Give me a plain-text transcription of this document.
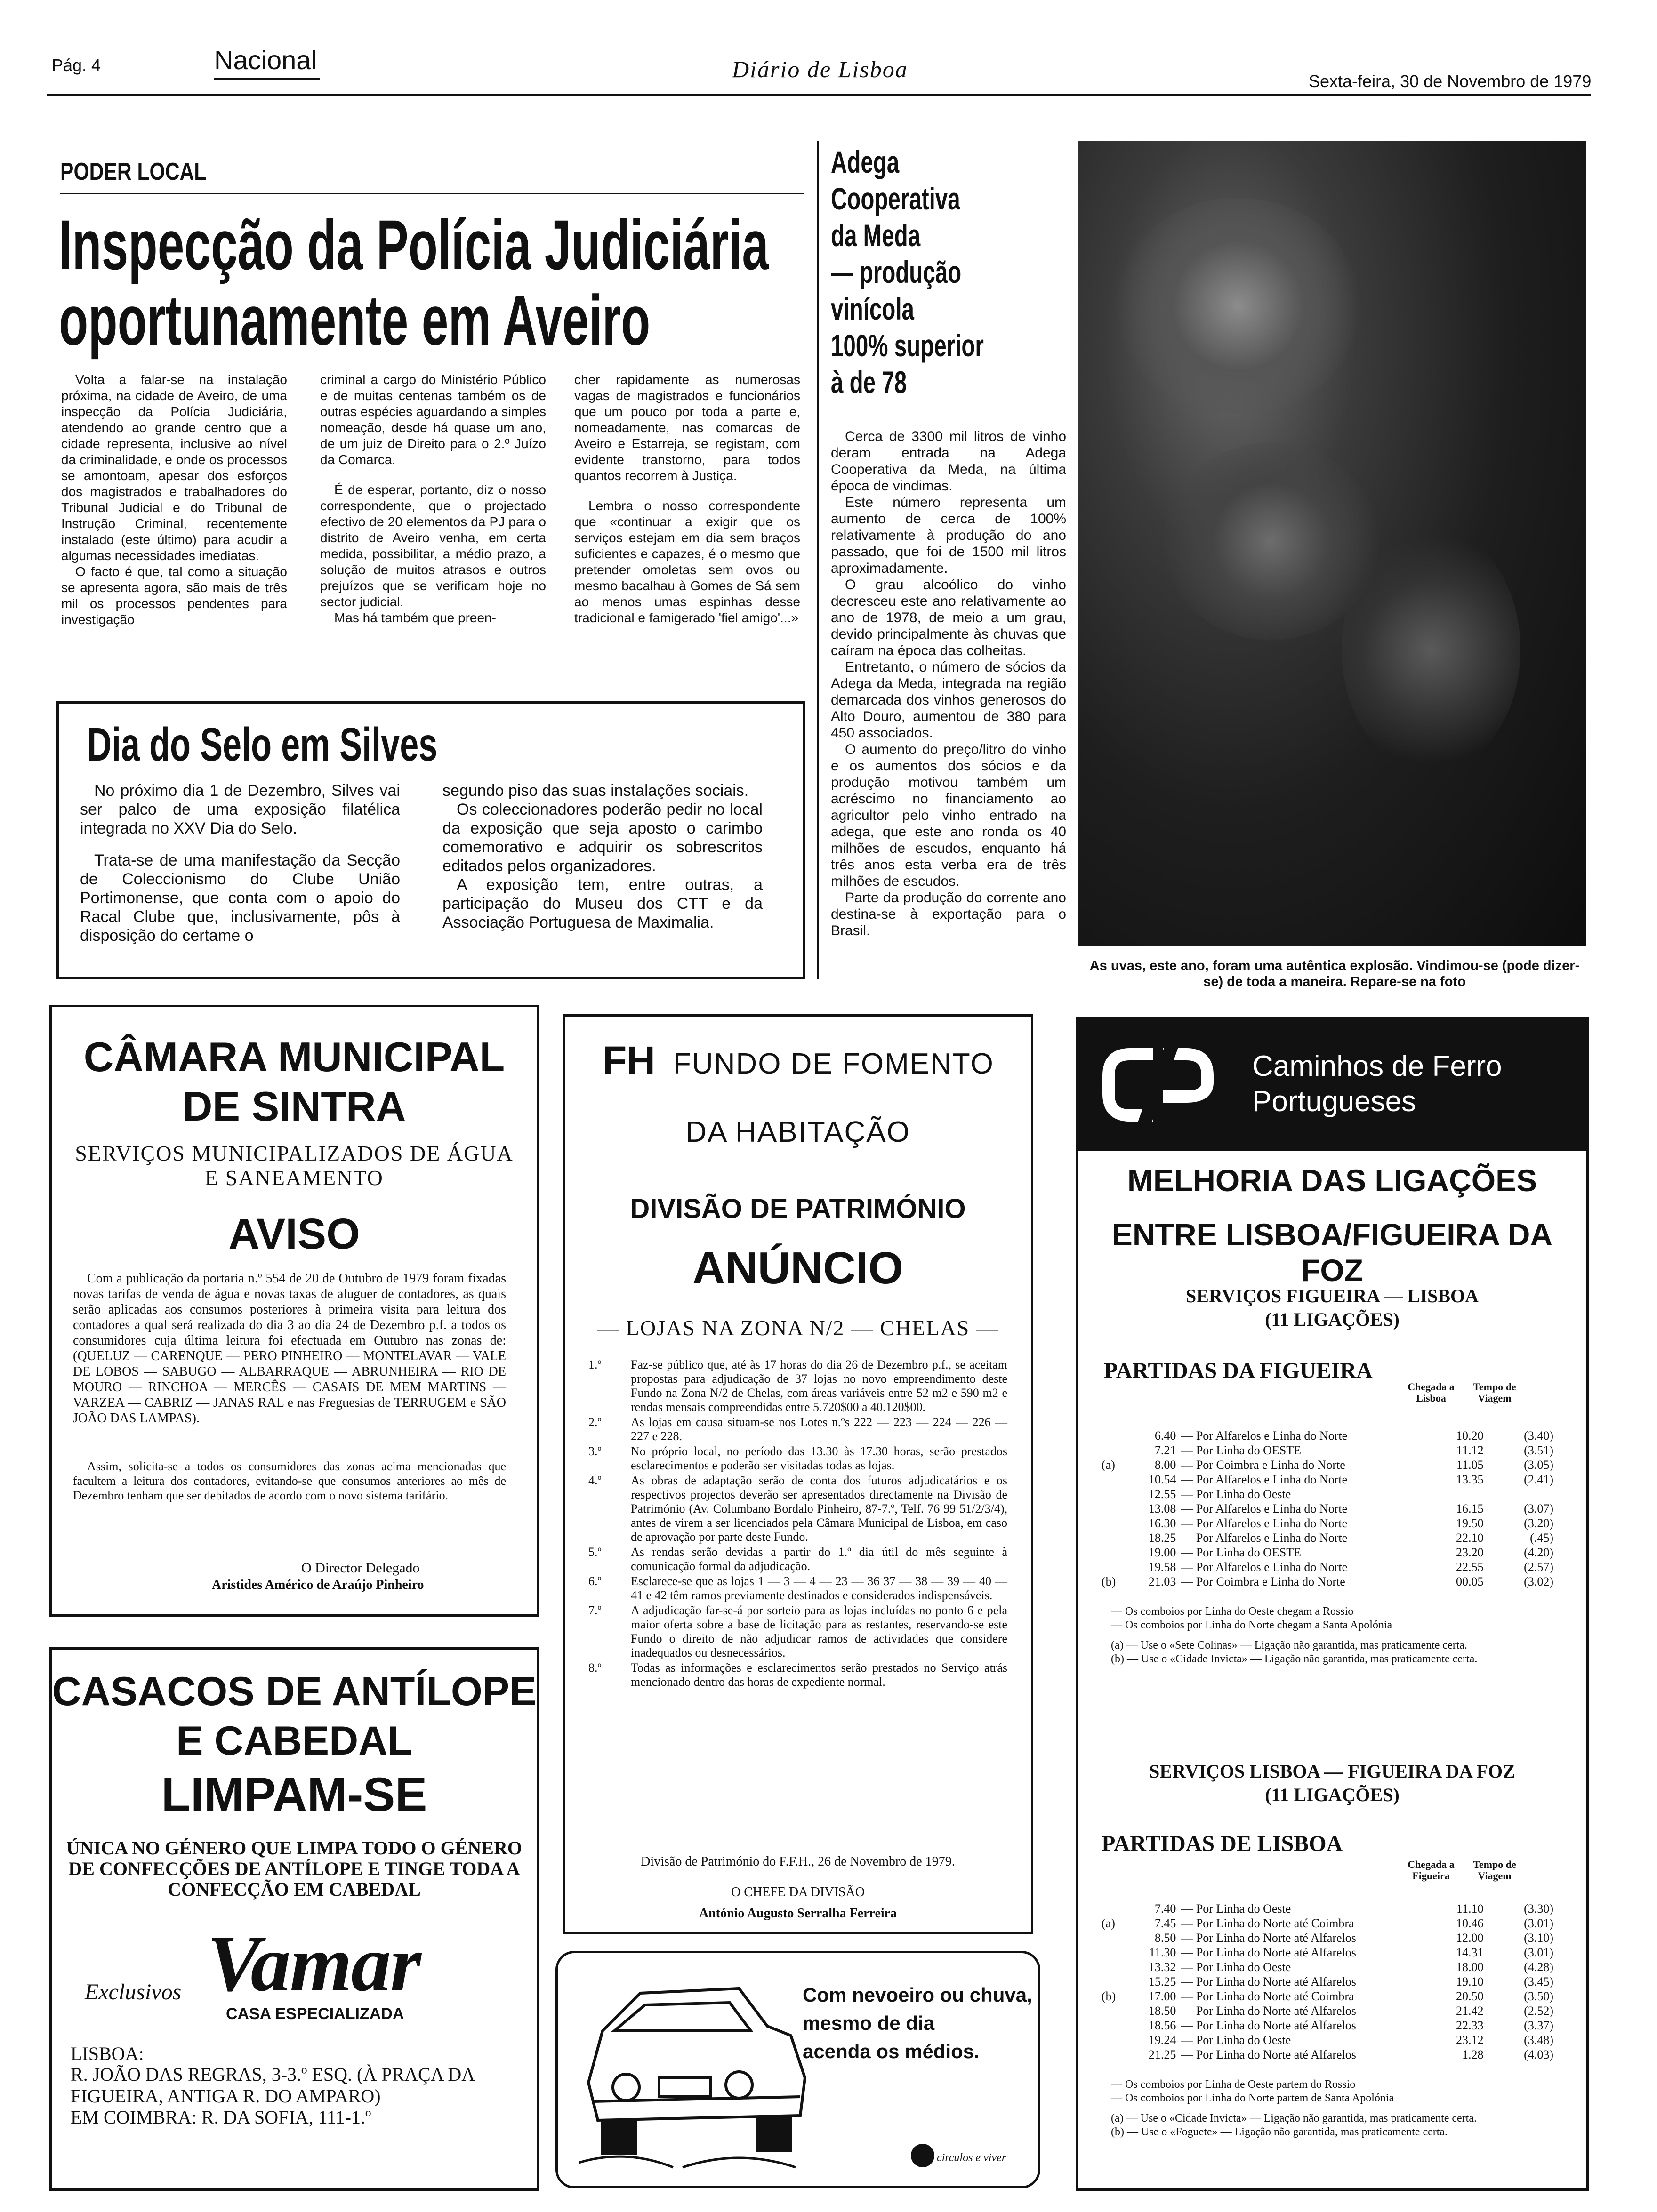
Pág. 4	Nacional	Diário de Lisboa	Sexta-feira, 30 de Novembro de 1979
PODER LOCAL
Inspecção da Polícia Judiciária
oportunamente em Aveiro

Volta a falar-se na instalação próxima, na cidade de Aveiro, de uma inspecção da Polícia Judiciária, atendendo ao grande centro que a cidade representa, inclusive ao nível da criminalidade, e onde os processos se amontoam, apesar dos esforços dos magistrados e trabalhadores do Tribunal Judicial e do Tribunal de Instrução Criminal, recentemente instalado (este último) para acudir a algumas necessidades imediatas.

O facto é que, tal como a situação se apresenta agora, são mais de três mil os processos pendentes para investigação

criminal a cargo do Ministério Público e de muitas centenas também os de outras espécies aguardando a simples nomeação, desde há quase um ano, de um juiz de Direito para o 2.º Juízo da Comarca.

É de esperar, portanto, diz o nosso correspondente, que o projectado efectivo de 20 elementos da PJ para o distrito de Aveiro venha, em certa medida, possibilitar, a médio prazo, a solução de muitos atrasos e outros prejuízos que se verificam hoje no sector judicial.

Mas há também que preen-

cher rapidamente as numerosas vagas de magistrados e funcionários que um pouco por toda a parte e, nomeadamente, nas comarcas de Aveiro e Estarreja, se registam, com evidente transtorno, para todos quantos recorrem à Justiça.

Lembra o nosso correspondente que «continuar a exigir que os serviços estejam em dia sem braços suficientes e capazes, é o mesmo que pretender omoletas sem ovos ou mesmo bacalhau à Gomes de Sá sem ao menos umas espinhas desse tradicional e famigerado 'fiel amigo'...»

Dia do Selo em Silves

No próximo dia 1 de Dezembro, Silves vai ser palco de uma exposição filatélica integrada no XXV Dia do Selo.

Trata-se de uma manifestação da Secção de Coleccionismo do Clube União Portimonense, que conta com o apoio do Racal Clube que, inclusivamente, pôs à disposição do certame o

segundo piso das suas instalações sociais.

Os coleccionadores poderão pedir no local da exposição que seja aposto o carimbo comemorativo e adquirir os sobrescritos editados pelos organizadores.

A exposição tem, entre outras, a participação do Museu dos CTT e da Associação Portuguesa de Maximalia.

Adega
Cooperativa
da Meda
— produção
vinícola
100% superior
à de 78

Cerca de 3300 mil litros de vinho deram entrada na Adega Cooperativa da Meda, na última época de vindimas.

Este número representa um aumento de cerca de 100% relativamente à produção do ano passado, que foi de 1500 mil litros aproximadamente.

O grau alcoólico do vinho decresceu este ano relativamente ao ano de 1978, de meio a um grau, devido principalmente às chuvas que caíram na época das colheitas.

Entretanto, o número de sócios da Adega da Meda, integrada na região demarcada dos vinhos generosos do Alto Douro, aumentou de 380 para 450 associados.

O aumento do preço/litro do vinho e os aumentos dos sócios e da produção motivou também um acréscimo no financiamento ao agricultor pelo vinho entrado na adega, que este ano ronda os 40 milhões de escudos, enquanto há três anos esta verba era de três milhões de escudos.

Parte da produção do corrente ano destina-se à exportação para o Brasil.

As uvas, este ano, foram uma autêntica explosão. Vindimou-se (pode dizer-se) de toda a maneira. Repare-se na foto
CÂMARA MUNICIPAL
DE SINTRA
SERVIÇOS MUNICIPALIZADOS DE ÁGUA E SANEAMENTO
AVISO
Com a publicação da portaria n.º 554 de 20 de Outubro de 1979 foram fixadas novas tarifas de venda de água e novas taxas de aluguer de contadores, as quais serão aplicadas aos consumos posteriores à primeira visita para leitura dos contadores a qual será realizada do dia 3 ao dia 24 de Dezembro p.f. a todos os consumidores cuja última leitura foi efectuada em Outubro nas zonas de: (QUELUZ — CARENQUE — PERO PINHEIRO — MONTELAVAR — VALE DE LOBOS — SABUGO — ALBARRAQUE — ABRUNHEIRA — RIO DE MOURO — RINCHOA — MERCÊS — CASAIS DE MEM MARTINS — VARZEA — CABRIZ — JANAS RAL e nas Freguesias de TERRUGEM e SÃO JOÃO DAS LAMPAS).
Assim, solicita-se a todos os consumidores das zonas acima mencionadas que facultem a leitura dos contadores, evitando-se que consumos anteriores ao mês de Dezembro tenham que ser debitados de acordo com o novo sistema tarifário.
O Director Delegado
Aristides Américo de Araújo Pinheiro
CASACOS DE ANTÍLOPE
E CABEDAL
LIMPAM-SE
ÚNICA NO GÉNERO QUE LIMPA TODO O GÉNERO DE CONFECÇÕES DE ANTÍLOPE E TINGE TODA A CONFECÇÃO EM CABEDAL
Exclusivos Vamar
CASA ESPECIALIZADA
LISBOA:
R. JOÃO DAS REGRAS, 3-3.º ESQ. (À PRAÇA DA FIGUEIRA, ANTIGA R. DO AMPARO)
EM COIMBRA: R. DA SOFIA, 111-1.º
FH FUNDO DE FOMENTO
DA HABITAÇÃO
DIVISÃO DE PATRIMÓNIO
ANÚNCIO
— LOJAS NA ZONA N/2 — CHELAS —
1.º	Faz-se público que, até às 17 horas do dia 26 de Dezembro p.f., se aceitam propostas para adjudicação de 37 lojas no novo empreendimento deste Fundo na Zona N/2 de Chelas, com áreas variáveis entre 52 m2 e 590 m2 e rendas mensais compreendidas entre 5.720$00 a 40.120$00.
2.º	As lojas em causa situam-se nos Lotes n.ºs 222 — 223 — 224 — 226 — 227 e 228.
3.º	No próprio local, no período das 13.30 às 17.30 horas, serão prestados esclarecimentos e poderão ser visitadas todas as lojas.
4.º	As obras de adaptação serão de conta dos futuros adjudicatários e os respectivos projectos deverão ser apresentados directamente na Divisão de Património (Av. Columbano Bordalo Pinheiro, 87-7.º, Telf. 76 99 51/2/3/4), antes de virem a ser licenciados pela Câmara Municipal de Lisboa, em caso de aprovação por parte deste Fundo.
5.º	As rendas serão devidas a partir do 1.º dia útil do mês seguinte à comunicação formal da adjudicação.
6.º	Esclarece-se que as lojas 1 — 3 — 4 — 23 — 36 37 — 38 — 39 — 40 — 41 e 42 têm ramos previamente destinados e considerados indispensáveis.
7.º	A adjudicação far-se-á por sorteio para as lojas incluídas no ponto 6 e pela maior oferta sobre a base de licitação para as restantes, reservando-se este Fundo o direito de não adjudicar ramos de actividades que considere inadequados ou desnecessários.
8.º	Todas as informações e esclarecimentos serão prestados no Serviço atrás mencionado dentro das horas de expediente normal.
Divisão de Património do F.F.H., 26 de Novembro de 1979.
O CHEFE DA DIVISÃO
António Augusto Serralha Ferreira
Com nevoeiro ou chuva,
mesmo de dia
acenda os médios.
circulos e viver
Caminhos de Ferro
Portugueses
MELHORIA DAS LIGAÇÕES
ENTRE LISBOA/FIGUEIRA DA FOZ
SERVIÇOS FIGUEIRA — LISBOA
(11 LIGAÇÕES)
PARTIDAS DA FIGUEIRA
Chegada a Lisboa
Tempo de Viagem
6.40 — Por Alfarelos e Linha do Norte	10.20	(3.40)
7.21 — Por Linha do OESTE	11.12	(3.51)
(a)	8.00 — Por Coimbra e Linha do Norte	11.05	(3.05)
10.54 — Por Alfarelos e Linha do Norte	13.35	(2.41)
12.55 — Por Linha do Oeste
13.08 — Por Alfarelos e Linha do Norte	16.15	(3.07)
16.30 — Por Alfarelos e Linha do Norte	19.50	(3.20)
18.25 — Por Alfarelos e Linha do Norte	22.10	(.45)
19.00 — Por Linha do OESTE	23.20	(4.20)
19.58 — Por Alfarelos e Linha do Norte	22.55	(2.57)
(b)	21.03 — Por Coimbra e Linha do Norte	00.05	(3.02)
— Os comboios por Linha do Oeste chegam a Rossio
— Os comboios por Linha do Norte chegam a Santa Apolónia
(a) — Use o «Sete Colinas» — Ligação não garantida, mas praticamente certa.
(b) — Use o «Cidade Invicta» — Ligação não garantida, mas praticamente certa.
SERVIÇOS LISBOA — FIGUEIRA DA FOZ
(11 LIGAÇÕES)
PARTIDAS DE LISBOA
Chegada a Figueira
Tempo de Viagem
7.40 — Por Linha do Oeste	11.10	(3.30)
(a)	7.45 — Por Linha do Norte até Coimbra	10.46	(3.01)
8.50 — Por Linha do Norte até Alfarelos	12.00	(3.10)
11.30 — Por Linha do Norte até Alfarelos	14.31	(3.01)
13.32 — Por Linha do Oeste	18.00	(4.28)
15.25 — Por Linha do Norte até Alfarelos	19.10	(3.45)
(b)	17.00 — Por Linha do Norte até Coimbra	20.50	(3.50)
18.50 — Por Linha do Norte até Alfarelos	21.42	(2.52)
18.56 — Por Linha do Norte até Alfarelos	22.33	(3.37)
19.24 — Por Linha do Oeste	23.12	(3.48)
21.25 — Por Linha do Norte até Alfarelos	1.28	(4.03)
— Os comboios por Linha de Oeste partem do Rossio
— Os comboios por Linha do Norte partem de Santa Apolónia
(a) — Use o «Cidade Invicta» — Ligação não garantida, mas praticamente certa.
(b) — Use o «Foguete» — Ligação não garantida, mas praticamente certa.
